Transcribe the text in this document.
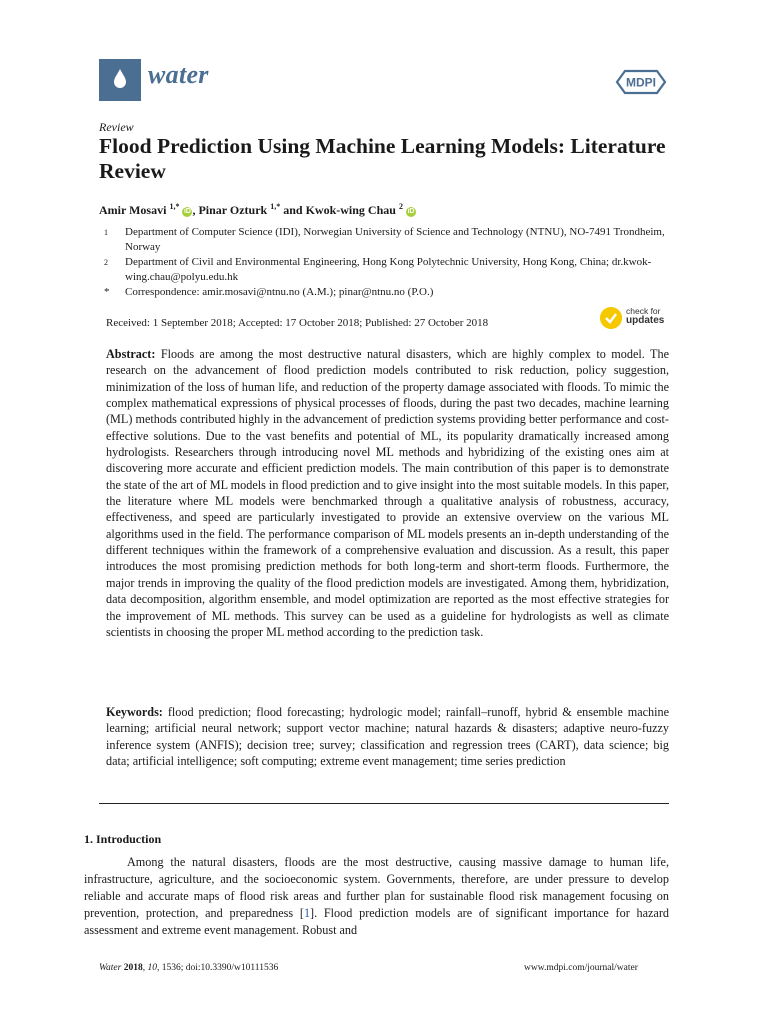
water	MDPI
Review
Flood Prediction Using Machine Learning Models: Literature Review
Amir Mosavi $^{1,*}$ iD , Pinar Ozturk $^{1,*}$ and Kwok-wing Chau $^2$ iD
1 Department of Computer Science (IDI), Norwegian University of Science and Technology (NTNU), NO-7491 Trondheim, Norway
2 Department of Civil and Environmental Engineering, Hong Kong Polytechnic University, Hong Kong, China; dr.kwok-wing.chau@polyu.edu.hk
* Correspondence: amir.mosavi@ntnu.no (A.M.); pinar@ntnu.no (P.O.)
Received: 1 September 2018; Accepted: 17 October 2018; Published: 27 October 2018
check for
updates
Abstract: Floods are among the most destructive natural disasters, which are highly complex to model. The research on the advancement of flood prediction models contributed to risk reduction, policy suggestion, minimization of the loss of human life, and reduction of the property damage associated with floods. To mimic the complex mathematical expressions of physical processes of floods, during the past two decades, machine learning (ML) methods contributed highly in the advancement of prediction systems providing better performance and cost-effective solutions. Due to the vast benefits and potential of ML, its popularity dramatically increased among hydrologists. Researchers through introducing novel ML methods and hybridizing of the existing ones aim at discovering more accurate and efficient prediction models. The main contribution of this paper is to demonstrate the state of the art of ML models in flood prediction and to give insight into the most suitable models. In this paper, the literature where ML models were benchmarked through a qualitative analysis of robustness, accuracy, effectiveness, and speed are particularly investigated to provide an extensive overview on the various ML algorithms used in the field. The performance comparison of ML models presents an in-depth understanding of the different techniques within the framework of a comprehensive evaluation and discussion. As a result, this paper introduces the most promising prediction methods for both long-term and short-term floods. Furthermore, the major trends in improving the quality of the flood prediction models are investigated. Among them, hybridization, data decomposition, algorithm ensemble, and model optimization are reported as the most effective strategies for the improvement of ML methods. This survey can be used as a guideline for hydrologists as well as climate scientists in choosing the proper ML method according to the prediction task.
Keywords: flood prediction; flood forecasting; hydrologic model; rainfall–runoff, hybrid & ensemble machine learning; artificial neural network; support vector machine; natural hazards & disasters; adaptive neuro-fuzzy inference system (ANFIS); decision tree; survey; classification and regression trees (CART), data science; big data; artificial intelligence; soft computing; extreme event management; time series prediction
1. Introduction

Among the natural disasters, floods are the most destructive, causing massive damage to human life, infrastructure, agriculture, and the socioeconomic system. Governments, therefore, are under pressure to develop reliable and accurate maps of flood risk areas and further plan for sustainable flood risk management focusing on prevention, protection, and preparedness [1]. Flood prediction models are of significant importance for hazard assessment and extreme event management. Robust and

Water 2018, 10, 1536; doi:10.3390/w10111536	www.mdpi.com/journal/water
